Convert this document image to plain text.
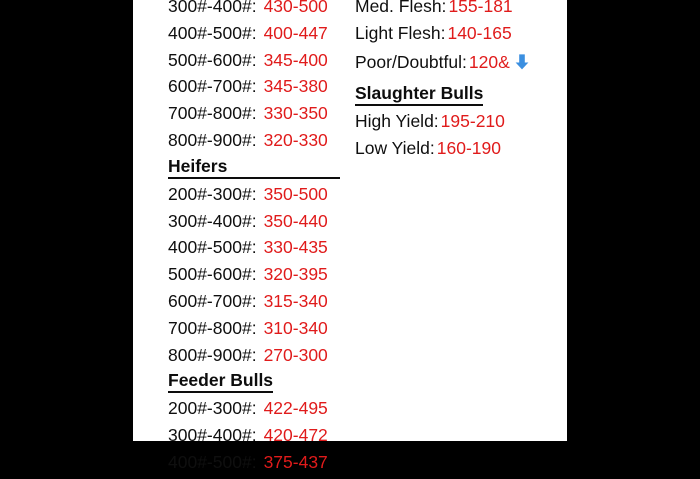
300#-400#: 430-500
400#-500#: 400-447
500#-600#: 345-400
600#-700#: 345-380
700#-800#: 330-350
800#-900#: 320-330
Heifers
200#-300#: 350-500
300#-400#: 350-440
400#-500#: 330-435
500#-600#: 320-395
600#-700#: 315-340
700#-800#: 310-340
800#-900#: 270-300
Feeder Bulls
200#-300#: 422-495
300#-400#: 420-472
400#-500#: 375-437
Med. Flesh: 155-181
Light Flesh: 140-165
Poor/Doubtful: 120&
Slaughter Bulls
High Yield: 195-210
Low Yield: 160-190
